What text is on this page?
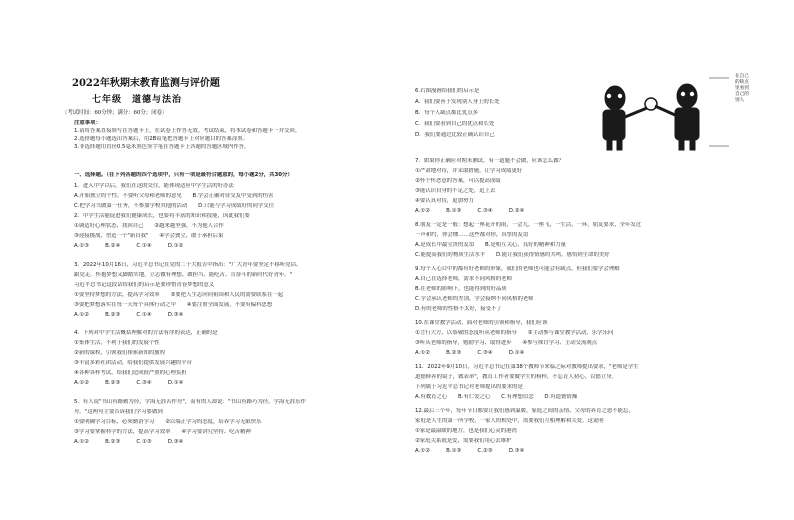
2022年秋期末教育监测与评价题
七年级　道德与法治
〔考试时间：60分钟；满分：60分；闭卷〕
注意事项：
1.请将答案直接填写在答题卡上，在试卷上作答无效。考试结束，将本试卷和答题卡一并交回。
2.选择题每小题选出答案后，用2B铅笔把答题卡上对应题目的答案涂黑。
3.非选择题用直径0.5毫米黑色签字笔在答题卡上各题的答题区域内作答。
一、选择题。（在下列各题的四个选项中，只有一项是最符合题意的，每小题2分，共30分）
1．进入中学以后，我们在这的交往，能体现适应中学生活的好办法
A.开始独立的个性，不要听父母和老师的意见　　B.学会正确对待交友中受到的伤害
C.把学习当做第一任务，不参加学校其他的活动　　D.只能与学习成绩好的同学交往
2．中学生活能促进我们健康成长，也要将丰富的知识和技能，因此我们要
①调适好心理状态，找回自己　　②越来越坚强，不为他人合作
③迎接挑战，塑造一个"新自我"　　④学会独立，敢于承担后果
A.①③　　　B.②④　　　C.①④　　　D.①②
3．2022年10月16日，习近平总书记在党的二十大报告中指出："广大青年要坚定不移听党话、
跟党走，怀抱梦想又脚踏实地，立志做有理想、敢担当、能吃苦、肯奋斗的新时代好青年。"
习近平总书记这段话给我们的启示是要珍惜青春梦想的意义
①要坚持梦想的方法，提高学习效率　　②要把人生志向同祖国和人民的需要联系在一起
③要把梦想落实在每一天每个具体行动之中　　④要注重全面发展，不要有偏科思想
A.①②　　　B.②③　　　C.①④　　　D.③④
4．下列对中学生活概括理解对的方法有序的表达，正确的是
①集体生活，不利于我们的发展个性
②新的课程，引领我们探索新知的旅程
③丰富多彩社团活动，给我们提供发展兴趣的平台
④各种各样考试，给我们造成很严重的心理负担
A.①②　　　B.②③　　　C.③④　　　D.①④
5．有人说"书山有路勤为径，学海无涯苦作舟"，而有的人却说："书山有路巧为径，学海无涯乐作
舟。"这两句主要告诉我们学习要做到
①要明确学习目标，必须勤奋学习　　②以端正学习的态度，培养学习无限快乐
③学习要掌握科学的方法，提高学习效率　　④学习要讲究坚持、吃苦精神
A.①②　　　B.②③　　　C.①③　　　D.③④
6.右图漫画给我们的启示是
A．我们要善于发现别人身上的长处
B．每个人缺点都比优点多
C．我们要看到自己的优点和长处
D．我们要通过比较正确认识自己
7．如果你正确应对期末测试，有一道题不会做，应该怎么做？
①严肃地对待，并采取措施，让学习成绩更好
②怀个怀恶意的答案，可以提高成绩
③能认识自身的不足之处，追上去
④要认真对待，更加努力
A.①②　　　B.①③　　　C.③④　　　D.②④
8.朋友一定是一般：想起一座花开的雨，一会儿，一座飞，一生活，一环，朋友要求，全年发过
一声和约，你会懂……这些都对你，真挚的友谊
A.是成长中最宝贵的友谊　　B.是相互关心，良好的精神和力量
C.能提高我们的物质生活水平　　D.能让我们获得情感的共鸣，感悟到生命的美好
9.每个人心目中的都有好老师的形象，我们的老师也可能会有缺点，但我们要学会理解
A.自己在选择老师，需求不同风格的老师
B.在老师的影响下，也能得到的好品质
C.学会承认老师的差别，学会接纳不同风格的老师
D.有的老师的性格不太好，接受不了
10.在课堂教学活动，面对老师的引领和指导，我们应该
①言行大方，以恭敬的态度听从老师的指导　　②主动参与课堂教学活动，乐学乐问
③听从老师的指导，勉励学习、取得进步　　④参与探讨学习、主动交流观点
A.①②　　　B.②③　　　C.③④　　　D.①④
11．2022年9月10日，习近平总书记在第38个教师节来临之际对教师提出要求，"老师是学生
道德修养的镜子，做表率"，教育工作者要做学生的榜样，不忘育人初心，以德立身。
下列属于习近平总书记对老师提出的要求的是
A.有教育之心　　B.有仁爱之心　　C.有理想信念　　D.有道德情操
12.最后三个年，每年节日都要让我们感到温暖，家庭之间的亲情、父母的养育之恩不能忘，
家庭是人生的第一所学校，一家人的相处中，需要我们互相理解和关爱。这说明
①家是最温暖的地方，也是我们心灵的港湾
②家庭关系就是爱，需要我们用心去维护
A.①②　　　B.①③　　　C.②③　　　D.③④
在自己的缺点里看到自己的别人
